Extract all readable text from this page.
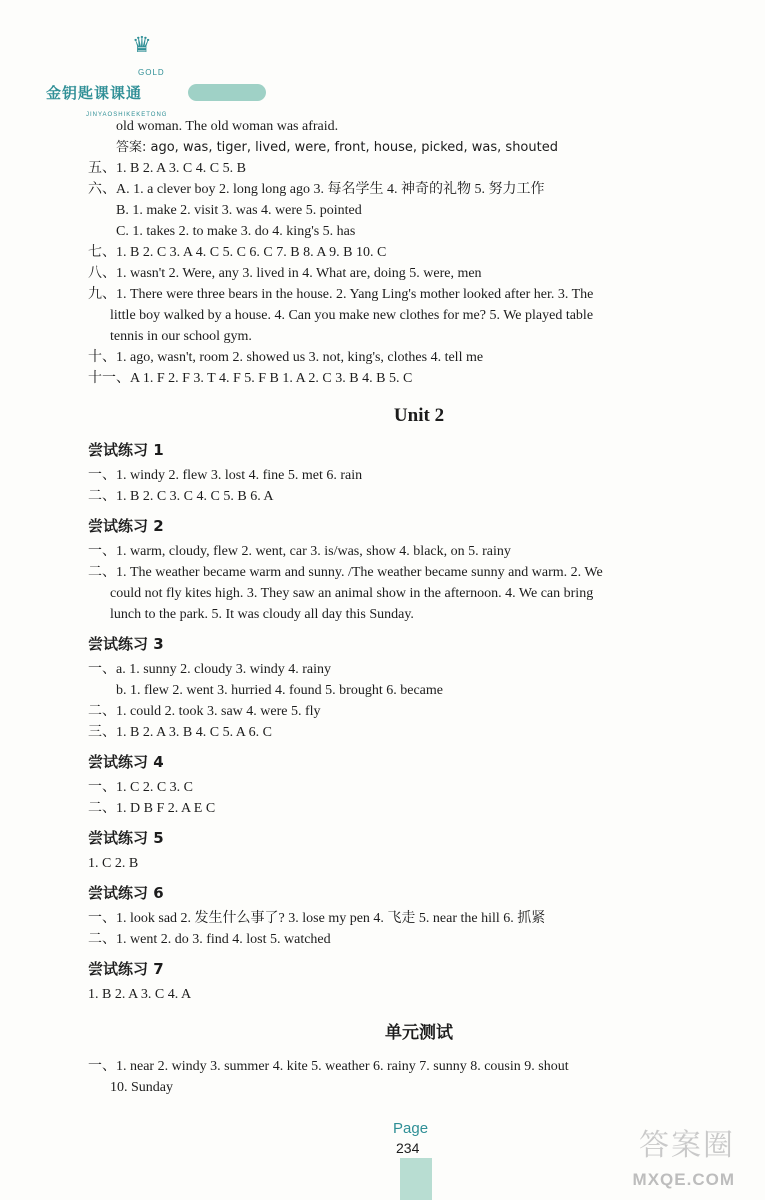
♛
GOLD
金钥匙课课通
JINYAOSHIKEKETONG
old woman. The old woman was afraid.
答案: ago, was, tiger, lived, were, front, house, picked, was, shouted
五、1. B 2. A 3. C 4. C 5. B
六、A. 1. a clever boy 2. long long ago 3. 每名学生 4. 神奇的礼物 5. 努力工作
B. 1. make 2. visit 3. was 4. were 5. pointed
C. 1. takes 2. to make 3. do 4. king's 5. has
七、1. B 2. C 3. A 4. C 5. C 6. C 7. B 8. A 9. B 10. C
八、1. wasn't 2. Were, any 3. lived in 4. What are, doing 5. were, men
九、1. There were three bears in the house. 2. Yang Ling's mother looked after her. 3. The
little boy walked by a house. 4. Can you make new clothes for me? 5. We played table
tennis in our school gym.
十、1. ago, wasn't, room 2. showed us 3. not, king's, clothes 4. tell me
十一、A 1. F 2. F 3. T 4. F 5. F B 1. A 2. C 3. B 4. B 5. C
Unit 2
尝试练习 1
一、1. windy 2. flew 3. lost 4. fine 5. met 6. rain
二、1. B 2. C 3. C 4. C 5. B 6. A
尝试练习 2
一、1. warm, cloudy, flew 2. went, car 3. is/was, show 4. black, on 5. rainy
二、1. The weather became warm and sunny. /The weather became sunny and warm. 2. We
could not fly kites high. 3. They saw an animal show in the afternoon. 4. We can bring
lunch to the park. 5. It was cloudy all day this Sunday.
尝试练习 3
一、a. 1. sunny 2. cloudy 3. windy 4. rainy
b. 1. flew 2. went 3. hurried 4. found 5. brought 6. became
二、1. could 2. took 3. saw 4. were 5. fly
三、1. B 2. A 3. B 4. C 5. A 6. C
尝试练习 4
一、1. C 2. C 3. C
二、1. D B F 2. A E C
尝试练习 5
1. C 2. B
尝试练习 6
一、1. look sad 2. 发生什么事了? 3. lose my pen 4. 飞走 5. near the hill 6. 抓紧
二、1. went 2. do 3. find 4. lost 5. watched
尝试练习 7
1. B 2. A 3. C 4. A
单元测试
一、1. near 2. windy 3. summer 4. kite 5. weather 6. rainy 7. sunny 8. cousin 9. shout
10. Sunday
Page
234	答案圈
MXQE.COM
